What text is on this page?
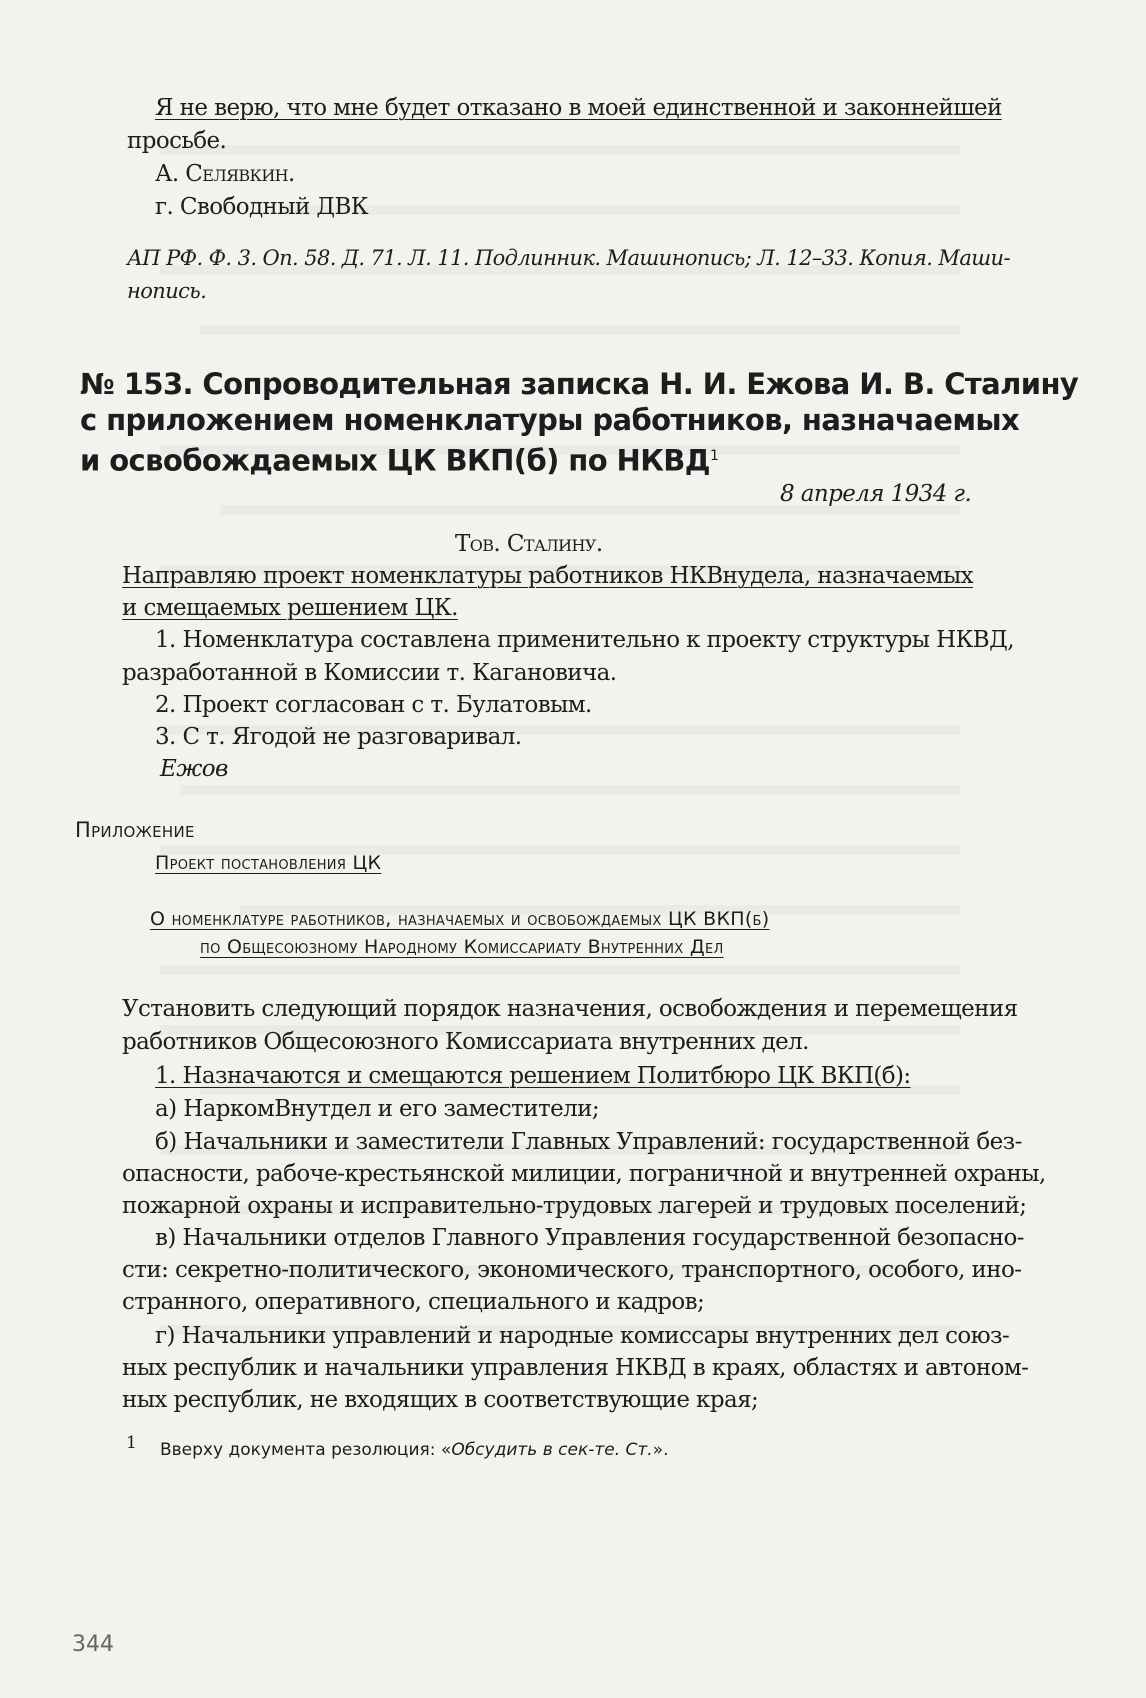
Я не верю, что мне будет отказано в моей единственной и законнейшей
просьбе.
А. Селявкин.
г. Свободный ДВК
АП РФ. Ф. 3. Оп. 58. Д. 71. Л. 11. Подлинник. Машинопись; Л. 12–33. Копия. Маши-
нопись.
№ 153. Сопроводительная записка Н. И. Ежова И. В. Сталину
с приложением номенклатуры работников, назначаемых
и освобождаемых ЦК ВКП(б) по НКВД$^1$
8 апреля 1934 г.
Тов. Сталину.
Направляю проект номенклатуры работников НКВнудела, назначаемых
и смещаемых решением ЦК.
1. Номенклатура составлена применительно к проекту структуры НКВД,
разработанной в Комиссии т. Кагановича.
2. Проект согласован с т. Булатовым.
3. С т. Ягодой не разговаривал.
Ежов
Приложение
Проект постановления ЦК
О номенклатуре работников, назначаемых и освобождаемых ЦК ВКП(б)
по Общесоюзному Народному Комиссариату Внутренних Дел
Установить следующий порядок назначения, освобождения и перемещения
работников Общесоюзного Комиссариата внутренних дел.
1. Назначаются и смещаются решением Политбюро ЦК ВКП(б):
а) НаркомВнутдел и его заместители;
б) Начальники и заместители Главных Управлений: государственной без-
опасности, рабоче-крестьянской милиции, пограничной и внутренней охраны,
пожарной охраны и исправительно-трудовых лагерей и трудовых поселений;
в) Начальники отделов Главного Управления государственной безопасно-
сти: секретно-политического, экономического, транспортного, особого, ино-
странного, оперативного, специального и кадров;
г) Начальники управлений и народные комиссары внутренних дел союз-
ных республик и начальники управления НКВД в краях, областях и автоном-
ных республик, не входящих в соответствующие края;
1 Вверху документа резолюция: «Обсудить в сек-те. Ст.».
344
